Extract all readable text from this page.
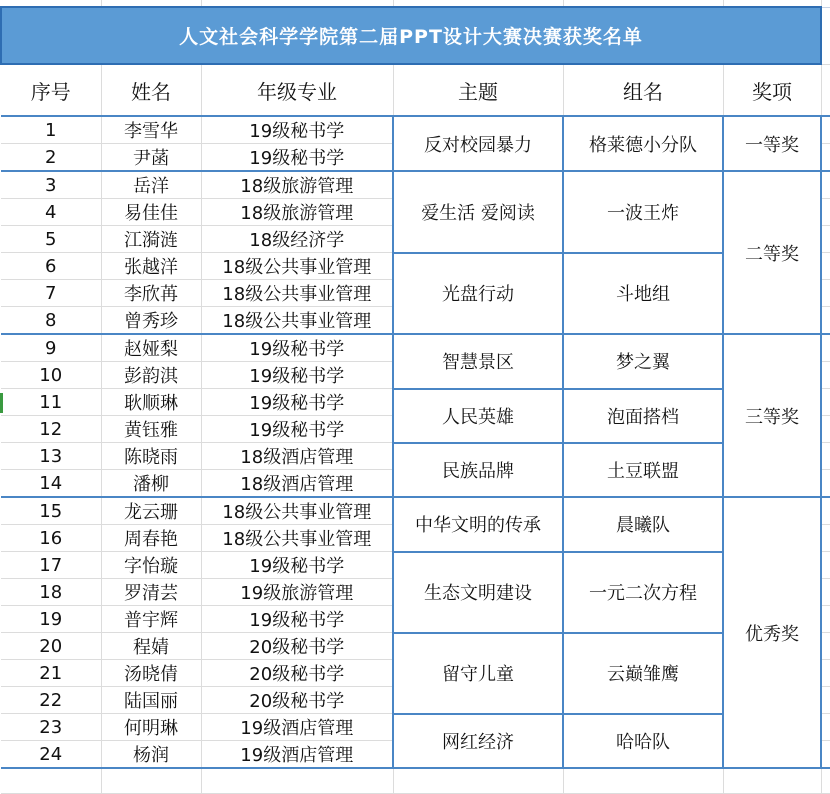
人文社会科学学院第二届PPT设计大赛决赛获奖名单						
序号	姓名	年级专业	主题	组名	奖项	
1	李雪华	19级秘书学	反对校园暴力	格莱德小分队	一等奖	
2	尹菡	19级秘书学				
3	岳洋	18级旅游管理	爱生活 爱阅读	一波王炸	二等奖	
4	易佳佳	18级旅游管理				
5	江漪涟	18级经济学				
6	张越洋	18级公共事业管理	光盘行动	斗地组		
7	李欣苒	18级公共事业管理				
8	曾秀珍	18级公共事业管理				
9	赵娅梨	19级秘书学	智慧景区	梦之翼	三等奖	
10	彭韵淇	19级秘书学				
11	耿顺琳	19级秘书学	人民英雄	泡面搭档		
12	黄钰雅	19级秘书学				
13	陈晓雨	18级酒店管理	民族品牌	土豆联盟		
14	潘柳	18级酒店管理				
15	龙云珊	18级公共事业管理	中华文明的传承	晨曦队	优秀奖	
16	周春艳	18级公共事业管理				
17	字怡璇	19级秘书学	生态文明建设	一元二次方程		
18	罗清芸	19级旅游管理				
19	普宇辉	19级秘书学				
20	程婧	20级秘书学	留守儿童	云巅雏鹰		
21	汤晓倩	20级秘书学				
22	陆国丽	20级秘书学				
23	何明琳	19级酒店管理	网红经济	哈哈队		
24	杨润	19级酒店管理				
